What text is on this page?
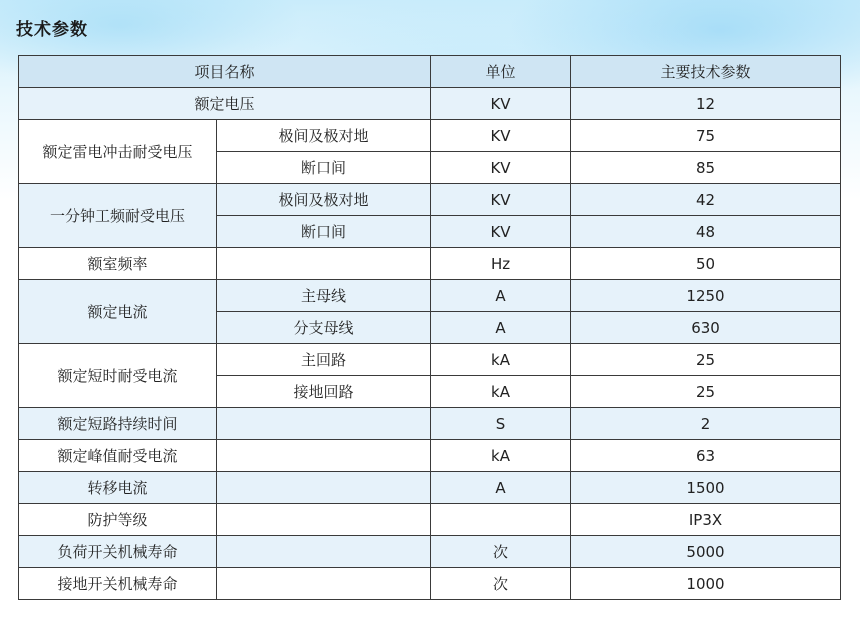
技术参数
项目名称		单位	主要技术参数
额定电压		KV	12
额定雷电冲击耐受电压	极间及极对地	KV	75
	断口间	KV	85
一分钟工频耐受电压	极间及极对地	KV	42
	断口间	KV	48
额室频率		Hz	50
额定电流	主母线	A	1250
	分支母线	A	630
额定短时耐受电流	主回路	kA	25
	接地回路	kA	25
额定短路持续时间		S	2
额定峰值耐受电流		kA	63
转移电流		A	1500
防护等级			IP3X
负荷开关机械寿命		次	5000
接地开关机械寿命		次	1000
